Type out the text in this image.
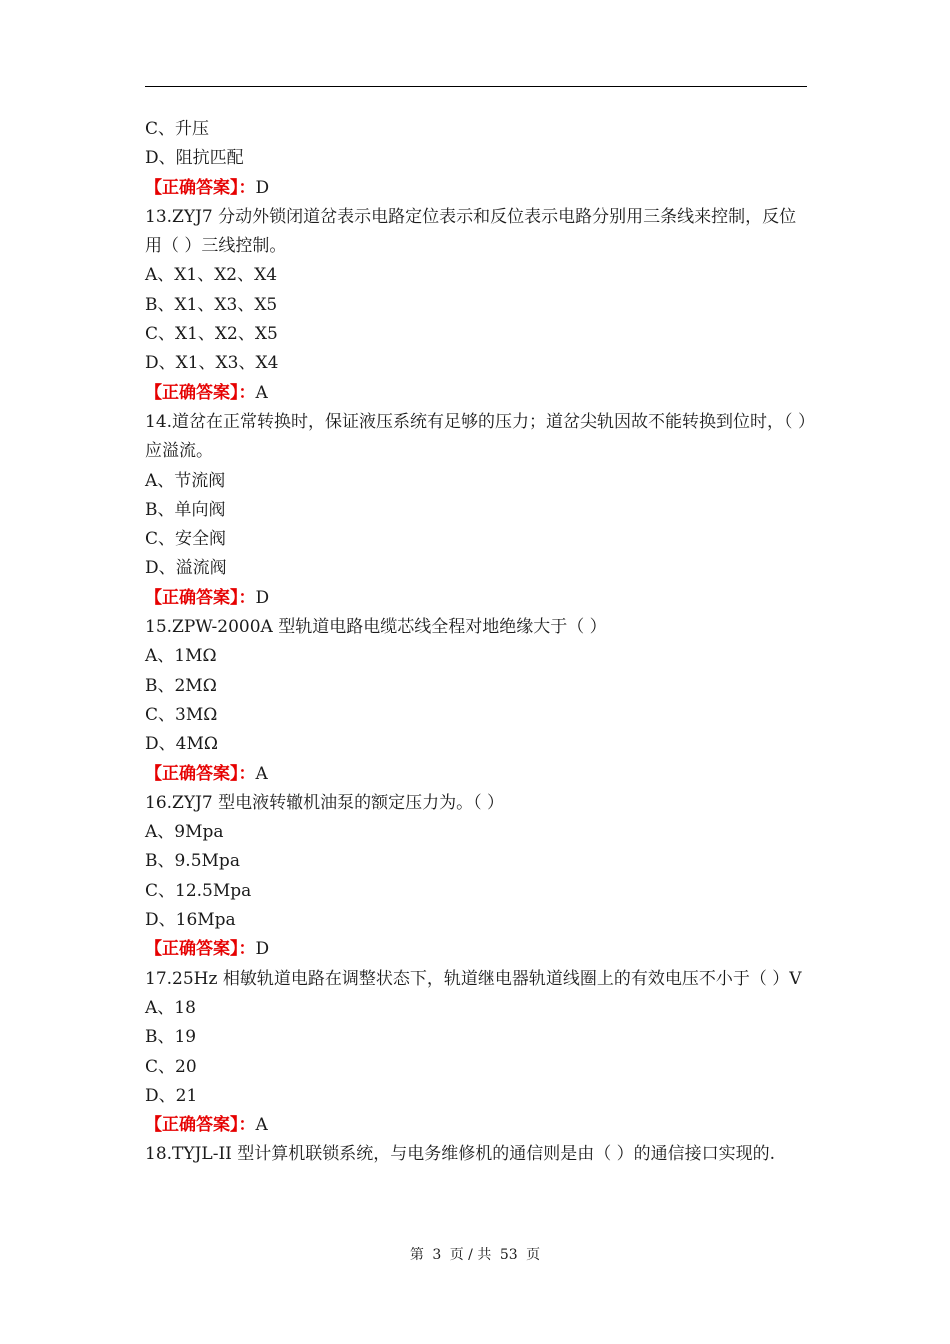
C、升压
D、阻抗匹配
【正确答案】：D
13.ZYJ7 分动外锁闭道岔表示电路定位表示和反位表示电路分别用三条线来控制，反位用（ ）三线控制。
A、X1、X2、X4
B、X1、X3、X5
C、X1、X2、X5
D、X1、X3、X4
【正确答案】：A
14.道岔在正常转换时，保证液压系统有足够的压力；道岔尖轨因故不能转换到位时，（ ）应溢流。
A、节流阀
B、单向阀
C、安全阀
D、溢流阀
【正确答案】：D
15.ZPW-2000A 型轨道电路电缆芯线全程对地绝缘大于（ ）
A、1MΩ
B、2MΩ
C、3MΩ
D、4MΩ
【正确答案】：A
16.ZYJ7 型电液转辙机油泵的额定压力为。（ ）
A、9Mpa
B、9.5Mpa
C、12.5Mpa
D、16Mpa
【正确答案】：D
17.25Hz 相敏轨道电路在调整状态下，轨道继电器轨道线圈上的有效电压不小于（ ）V
A、18
B、19
C、20
D、21
【正确答案】：A
18.TYJL-II 型计算机联锁系统，与电务维修机的通信则是由（ ）的通信接口实现的.
第 3 页 / 共 53 页
